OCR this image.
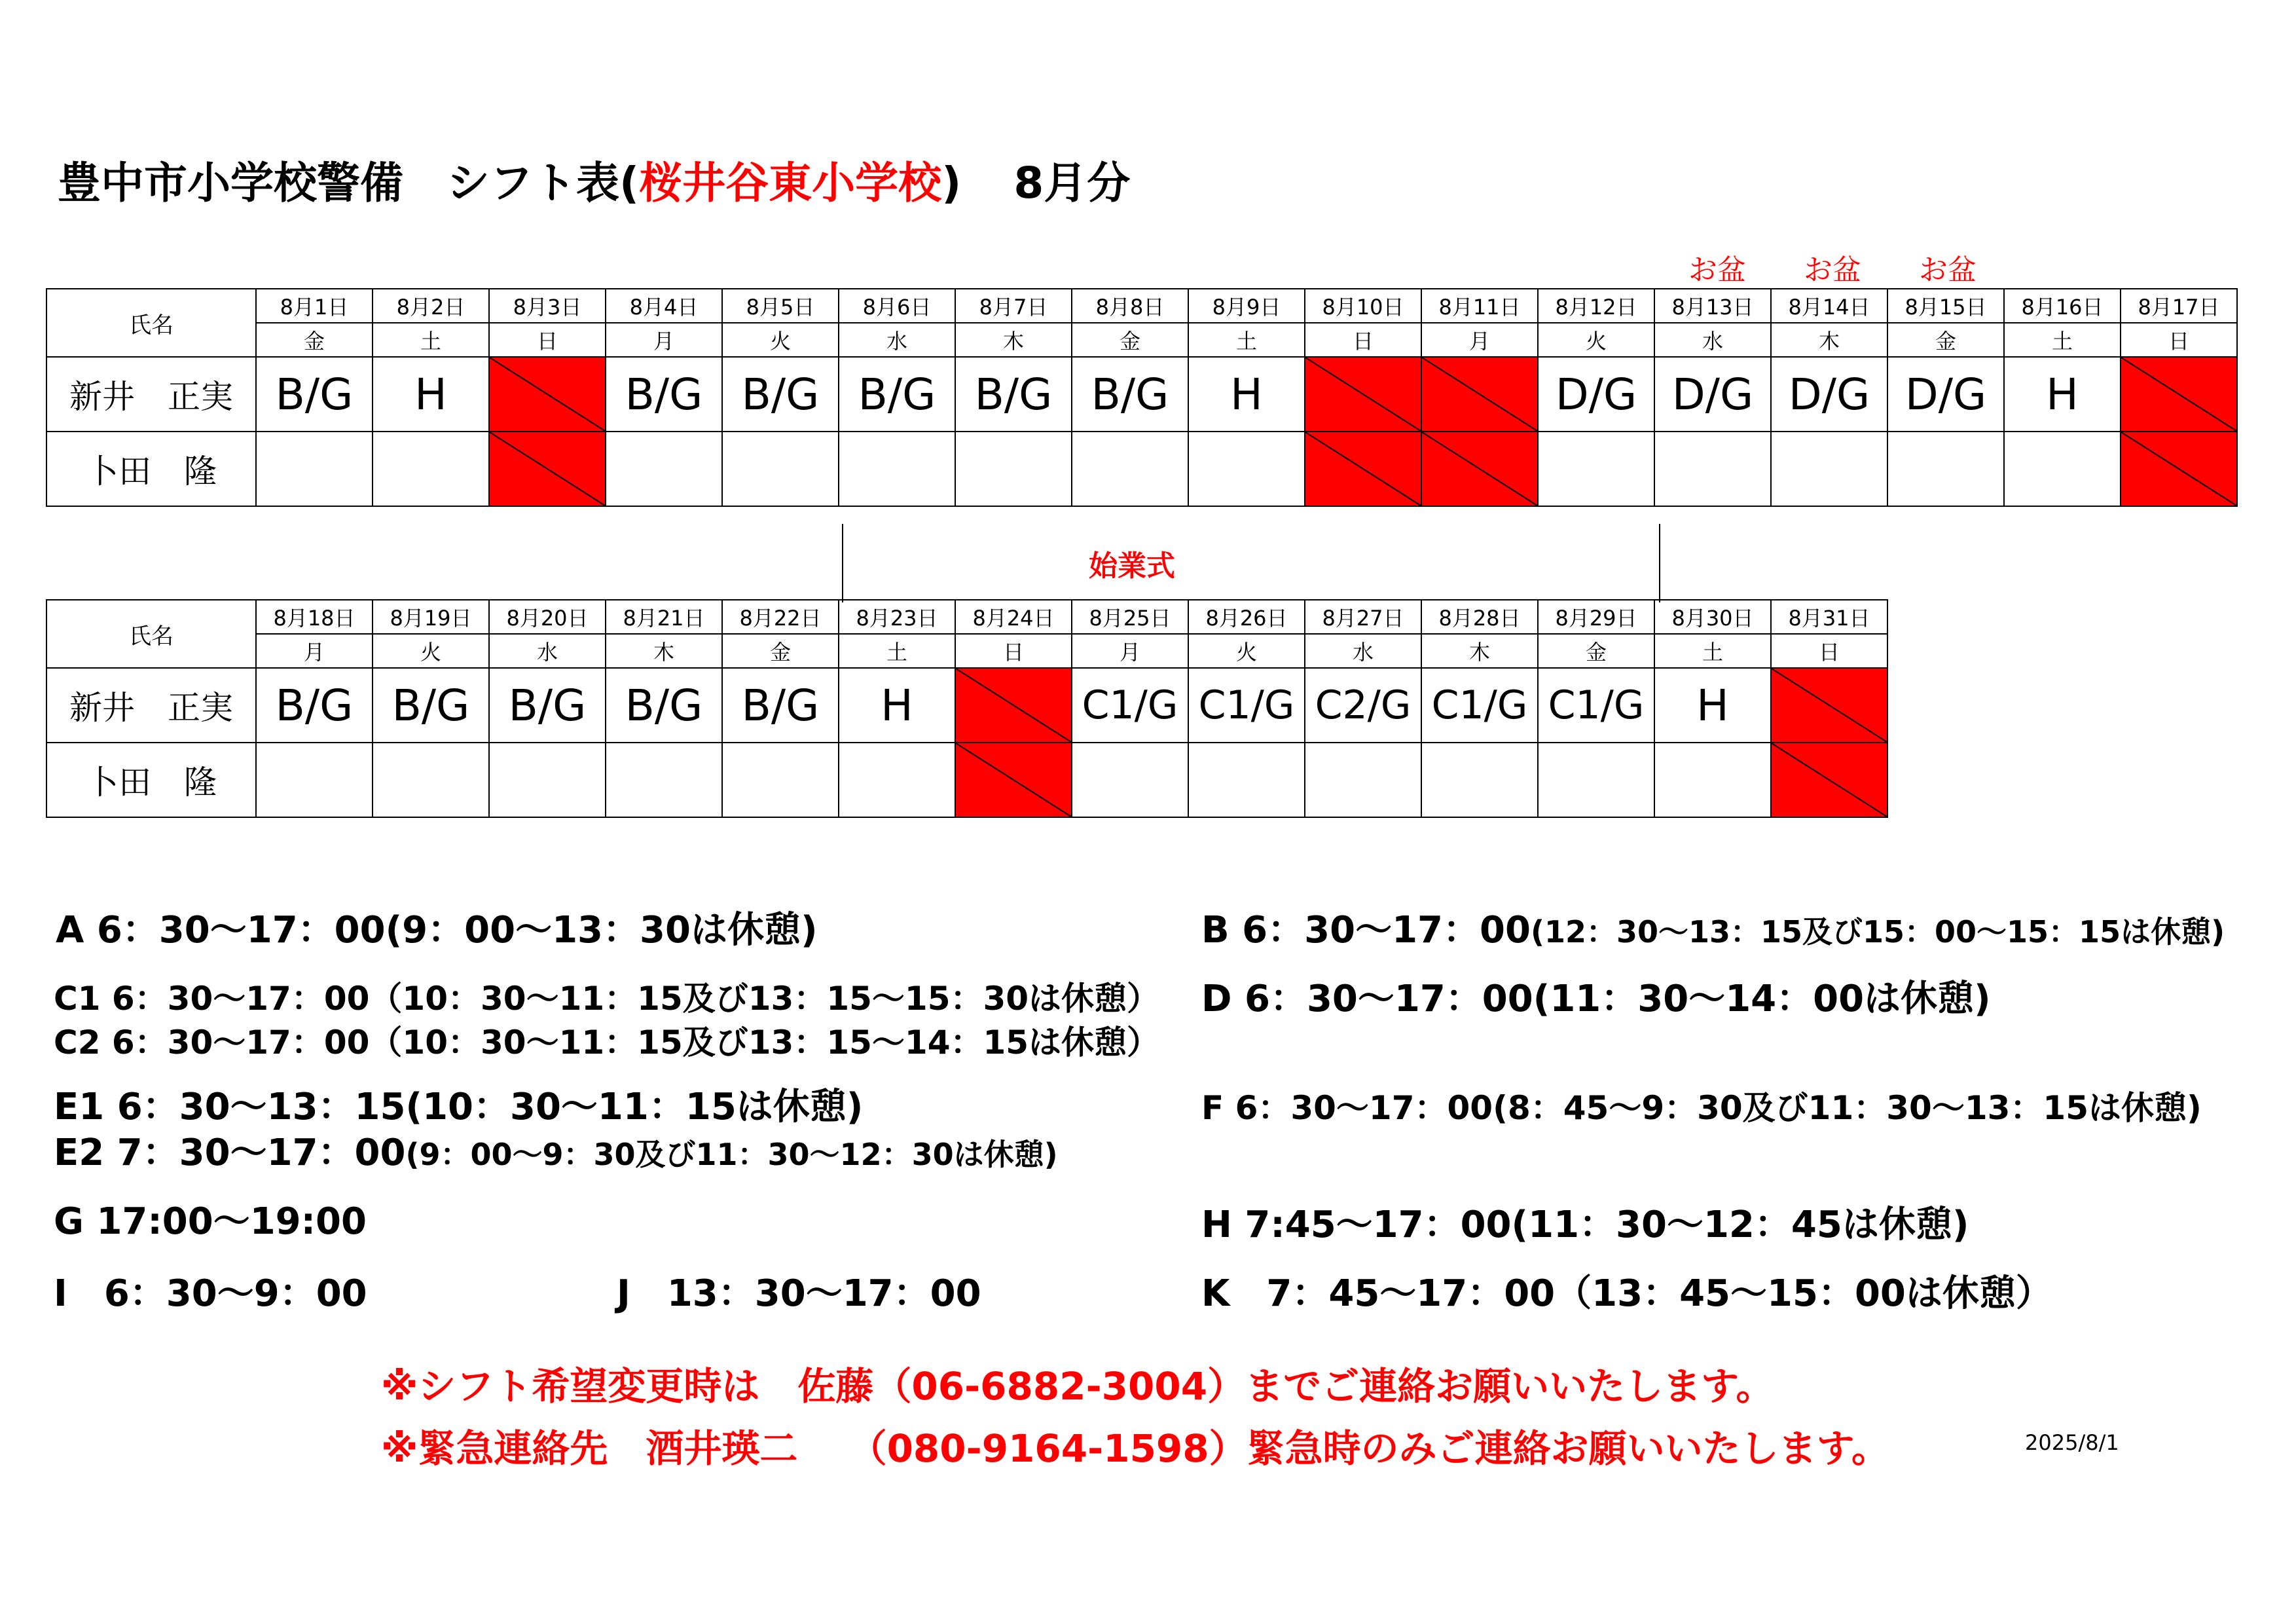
豊中市小学校警備　シフト表(桜井谷東小学校) 8月分
お盆	お盆	お盆
氏名	8月1日	8月2日	8月3日	8月4日	8月5日	8月6日	8月7日	8月8日	8月9日	8月10日	8月11日	8月12日	8月13日	8月14日	8月15日	8月16日	8月17日
	金	土	日	月	火	水	木	金	土	日	月	火	水	木	金	土	日
新井　正実	B/G	H		B/G	B/G	B/G	B/G	B/G	H			D/G	D/G	D/G	D/G	H	

卜田　隆			

始業式
氏名	8月18日	8月19日	8月20日	8月21日	8月22日	8月23日	8月24日	8月25日	8月26日	8月27日	8月28日	8月29日	8月30日	8月31日
	月	火	水	木	金	土	日	月	火	水	木	金	土	日
新井　正実	B/G	B/G	B/G	B/G	B/G	H		C1/G	C1/G	C2/G	C1/G	C1/G	H	

卜田　隆							

A 6：30～17：00(9：00～13：30は休憩)	B 6：30～17：00(12：30～13：15及び15：00～15：15は休憩)
C1 6：30～17：00（10：30～11：15及び13：15～15：30は休憩）
C2 6：30～17：00（10：30～11：15及び13：15～14：15は休憩）
D 6：30～17：00(11：30～14：00は休憩)
E1 6：30～13：15(10：30～11：15は休憩)
E2 7：30～17：00(9：00～9：30及び11：30～12：30は休憩)
F 6：30～17：00(8：45～9：30及び11：30～13：15は休憩)
G 17:00～19:00	H 7:45～17：00(11：30～12：45は休憩)
I　6：30～9：00	J　13：30～17：00	K　7：45～17：00（13：45～15：00は休憩）
※シフト希望変更時は　佐藤（06-6882-3004）までご連絡お願いいたします。
※緊急連絡先　酒井瑛二　 （080-9164-1598）緊急時のみご連絡お願いいたします。	2025/8/1
